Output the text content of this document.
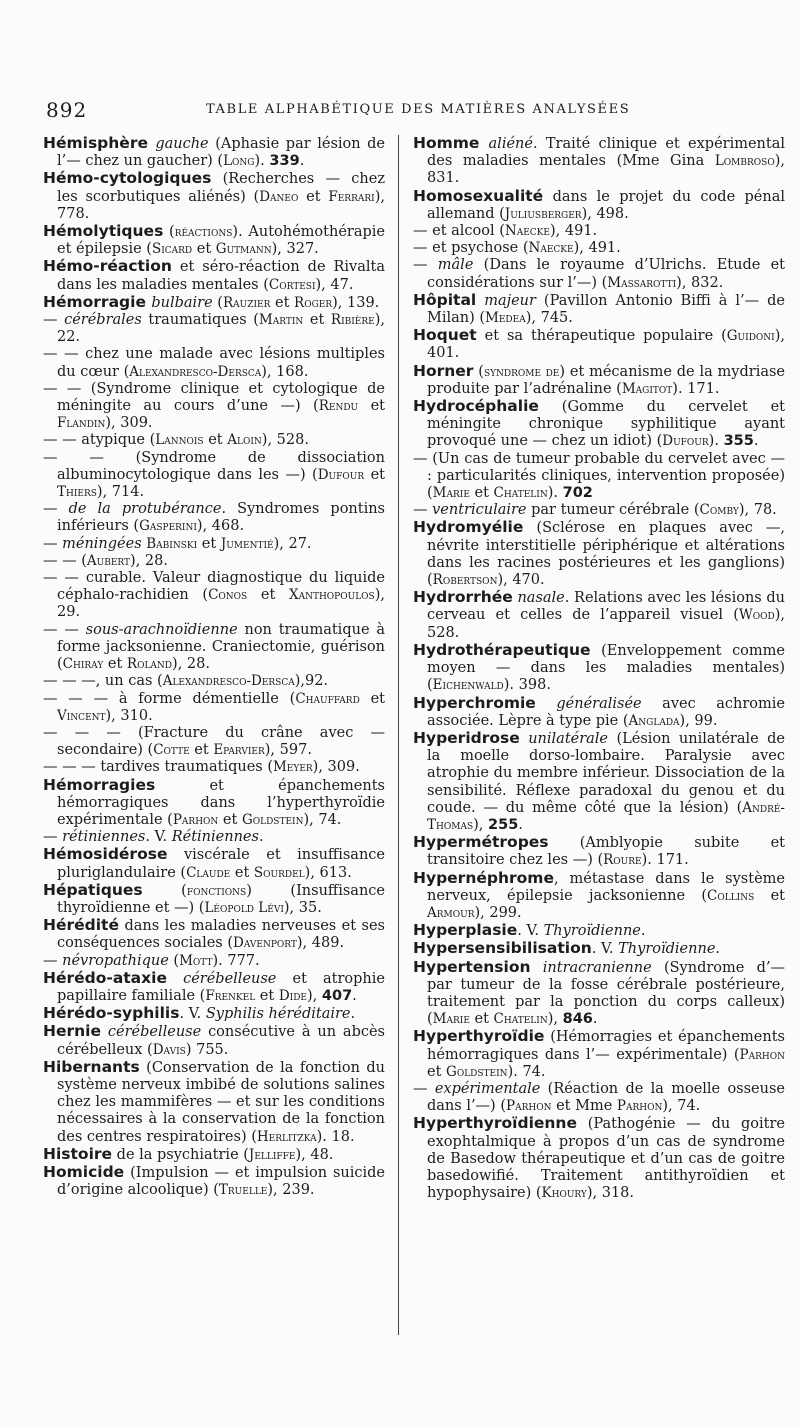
892	TABLE ALPHABÉTIQUE DES MATIÈRES ANALYSÉES

Hémisphère gauche (Aphasie par lésion de l’— chez un gaucher) (Long). 339.

Hémo-cytologiques (Recherches — chez les scorbutiques aliénés) (Daneo et Ferrari), 778.

Hémolytiques (réactions). Autohémothérapie et épilepsie (Sicard et Gutmann), 327.

Hémo-réaction et séro-réaction de Rivalta dans les maladies mentales (Cortesi), 47.

Hémorragie bulbaire (Rauzier et Roger), 139.

— cérébrales traumatiques (Martin et Ribière), 22.

— — chez une malade avec lésions multiples du cœur (Alexandresco-Dersca), 168.

— — (Syndrome clinique et cytologique de méningite au cours d’une —) (Rendu et Flandin), 309.

— — atypique (Lannois et Aloin), 528.

— — (Syndrome de dissociation albuminocytologique dans les —) (Dufour et Thiers), 714.

— de la protubérance. Syndromes pontins inférieurs (Gasperini), 468.

— méningées Babinski et Jumentié), 27.

— — (Aubert), 28.

— — curable. Valeur diagnostique du liquide céphalo-rachidien (Conos et Xanthopoulos), 29.

— — sous-arachnoïdienne non traumatique à forme jacksonienne. Craniectomie, guérison (Chiray et Roland), 28.

— — —, un cas (Alexandresco-Dersca),92.

— — — à forme démentielle (Chauffard et Vincent), 310.

— — — (Fracture du crâne avec — secondaire) (Cotte et Eparvier), 597.

— — — tardives traumatiques (Meyer), 309.

Hémorragies et épanchements hémorragiques dans l’hyperthyroïdie expérimentale (Parhon et Goldstein), 74.

— rétiniennes. V. Rétiniennes.

Hémosidérose viscérale et insuffisance pluriglandulaire (Claude et Sourdel), 613.

Hépatiques (fonctions) (Insuffisance thyroïdienne et —) (Léopold Lévi), 35.

Hérédité dans les maladies nerveuses et ses conséquences sociales (Davenport), 489.

— névropathique (Mott). 777.

Hérédo-ataxie cérébelleuse et atrophie papillaire familiale (Frenkel et Dide), 407.

Hérédo-syphilis. V. Syphilis héréditaire.

Hernie cérébelleuse consécutive à un abcès cérébelleux (Davis) 755.

Hibernants (Conservation de la fonction du système nerveux imbibé de solutions salines chez les mammifères — et sur les conditions nécessaires à la conservation de la fonction des centres respiratoires) (Herlitzka). 18.

Histoire de la psychiatrie (Jelliffe), 48.

Homicide (Impulsion — et impulsion suicide d’origine alcoolique) (Truelle), 239.

Homme aliéné. Traité clinique et expérimental des maladies mentales (Mme Gina Lombroso), 831.

Homosexualité dans le projet du code pénal allemand (Juliusberger), 498.

— et alcool (Naecke), 491.

— et psychose (Naecke), 491.

— mâle (Dans le royaume d’Ulrichs. Etude et considérations sur l’—) (Massarotti), 832.

Hôpital majeur (Pavillon Antonio Biffi à l’— de Milan) (Medea), 745.

Hoquet et sa thérapeutique populaire (Guidoni), 401.

Horner (syndrome de) et mécanisme de la mydriase produite par l’adrénaline (Magitot). 171.

Hydrocéphalie (Gomme du cervelet et méningite chronique syphilitique ayant provoqué une — chez un idiot) (Dufour). 355.

— (Un cas de tumeur probable du cervelet avec — : particularités cliniques, intervention proposée) (Marie et Chatelin). 702

— ventriculaire par tumeur cérébrale (Comby), 78.

Hydromyélie (Sclérose en plaques avec —, névrite interstitielle périphérique et altérations dans les racines postérieures et les ganglions) (Robertson), 470.

Hydrorrhée nasale. Relations avec les lésions du cerveau et celles de l’appareil visuel (Wood), 528.

Hydrothérapeutique (Enveloppement comme moyen — dans les maladies mentales) (Eichenwald). 398.

Hyperchromie généralisée avec achromie associée. Lèpre à type pie (Anglada), 99.

Hyperidrose unilatérale (Lésion unilatérale de la moelle dorso-lombaire. Paralysie avec atrophie du membre inférieur. Dissociation de la sensibilité. Réflexe paradoxal du genou et du coude. — du même côté que la lésion) (André-Thomas), 255.

Hypermétropes (Amblyopie subite et transitoire chez les —) (Roure). 171.

Hypernéphrome, métastase dans le système nerveux, épilepsie jacksonienne (Collins et Armour), 299.

Hyperplasie. V. Thyroïdienne.

Hypersensibilisation. V. Thyroïdienne.

Hypertension intracranienne (Syndrome d’— par tumeur de la fosse cérébrale postérieure, traitement par la ponction du corps calleux) (Marie et Chatelin), 846.

Hyperthyroïdie (Hémorragies et épanchements hémorragiques dans l’— expérimentale) (Parhon et Goldstein). 74.

— expérimentale (Réaction de la moelle osseuse dans l’—) (Parhon et Mme Parhon), 74.

Hyperthyroïdienne (Pathogénie — du goitre exophtalmique à propos d’un cas de syndrome de Basedow thérapeutique et d’un cas de goitre basedowifié. Traitement antithyroïdien et hypophysaire) (Khoury), 318.
